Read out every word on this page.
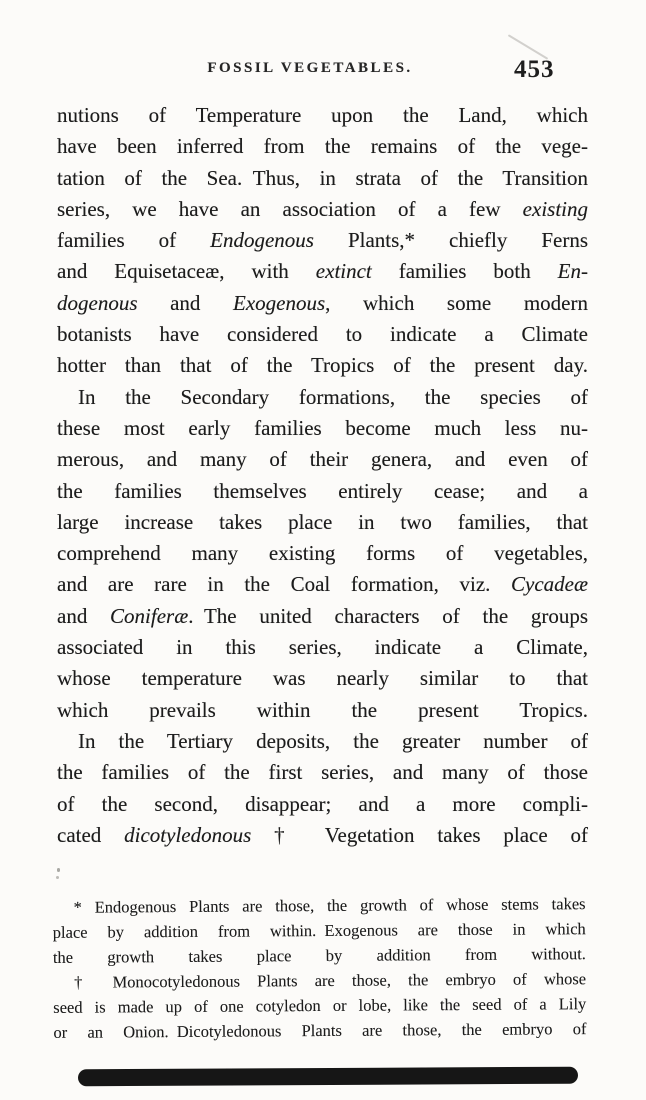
FOSSIL VEGETABLES.	453
nutions of Temperature upon the Land, which
have been inferred from the remains of the vege-
tation of the Sea. Thus, in strata of the Transition
series, we have an association of a few existing
families of Endogenous Plants,* chiefly Ferns
and Equisetaceæ, with extinct families both En-
dogenous and Exogenous, which some modern
botanists have considered to indicate a Climate
hotter than that of the Tropics of the present day.
In the Secondary formations, the species of
these most early families become much less nu-
merous, and many of their genera, and even of
the families themselves entirely cease; and a
large increase takes place in two families, that
comprehend many existing forms of vegetables,
and are rare in the Coal formation, viz. Cycadeæ
and Coniferæ. The united characters of the groups
associated in this series, indicate a Climate,
whose temperature was nearly similar to that
which prevails within the present Tropics.
In the Tertiary deposits, the greater number of
the families of the first series, and many of those
of the second, disappear; and a more compli-
cated dicotyledonous † Vegetation takes place of
* Endogenous Plants are those, the growth of whose stems takes
place by addition from within. Exogenous are those in which
the growth takes place by addition from without.
† Monocotyledonous Plants are those, the embryo of whose
seed is made up of one cotyledon or lobe, like the seed of a Lily
or an Onion. Dicotyledonous Plants are those, the embryo of
